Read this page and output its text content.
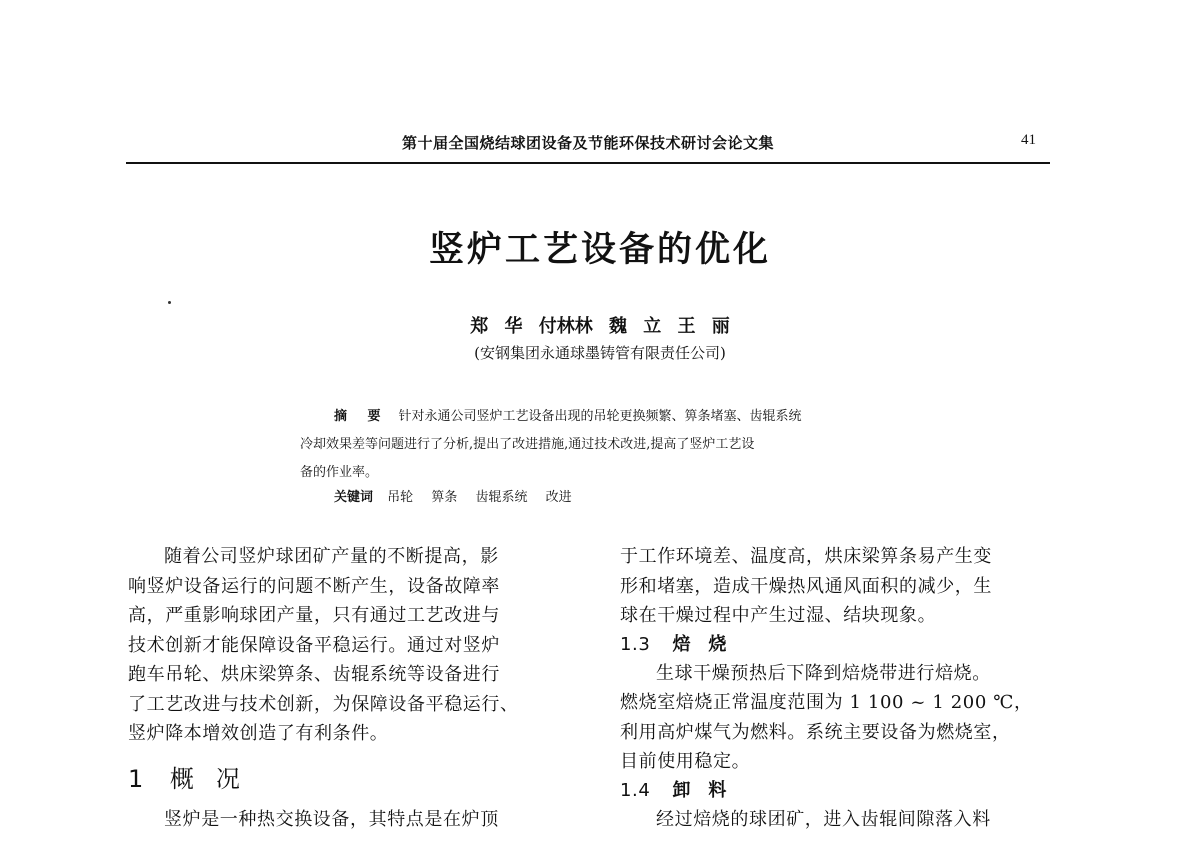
第十届全国烧结球团设备及节能环保技术研讨会论文集	41
竖炉工艺设备的优化
郑 华 付林林 魏 立 王 丽
(安钢集团永通球墨铸管有限责任公司)
摘 要 针对永通公司竖炉工艺设备出现的吊轮更换频繁、箅条堵塞、齿辊系统
冷却效果差等问题进行了分析,提出了改进措施,通过技术改进,提高了竖炉工艺设
备的作业率。
关键词 吊轮 箅条 齿辊系统 改进

随着公司竖炉球团矿产量的不断提高，影

响竖炉设备运行的问题不断产生，设备故障率

高，严重影响球团产量，只有通过工艺改进与

技术创新才能保障设备平稳运行。通过对竖炉

跑车吊轮、烘床梁箅条、齿辊系统等设备进行

了工艺改进与技术创新，为保障设备平稳运行、

竖炉降本增效创造了有利条件。

1 概况

竖炉是一种热交换设备，其特点是在炉顶

于工作环境差、温度高，烘床梁箅条易产生变

形和堵塞，造成干燥热风通风面积的减少，生

球在干燥过程中产生过湿、结块现象。

1.3 焙烧

生球干燥预热后下降到焙烧带进行焙烧。

燃烧室焙烧正常温度范围为 1 100 ~ 1 200 ℃，

利用高炉煤气为燃料。系统主要设备为燃烧室，

目前使用稳定。

1.4 卸料

经过焙烧的球团矿，进入齿辊间隙落入料
